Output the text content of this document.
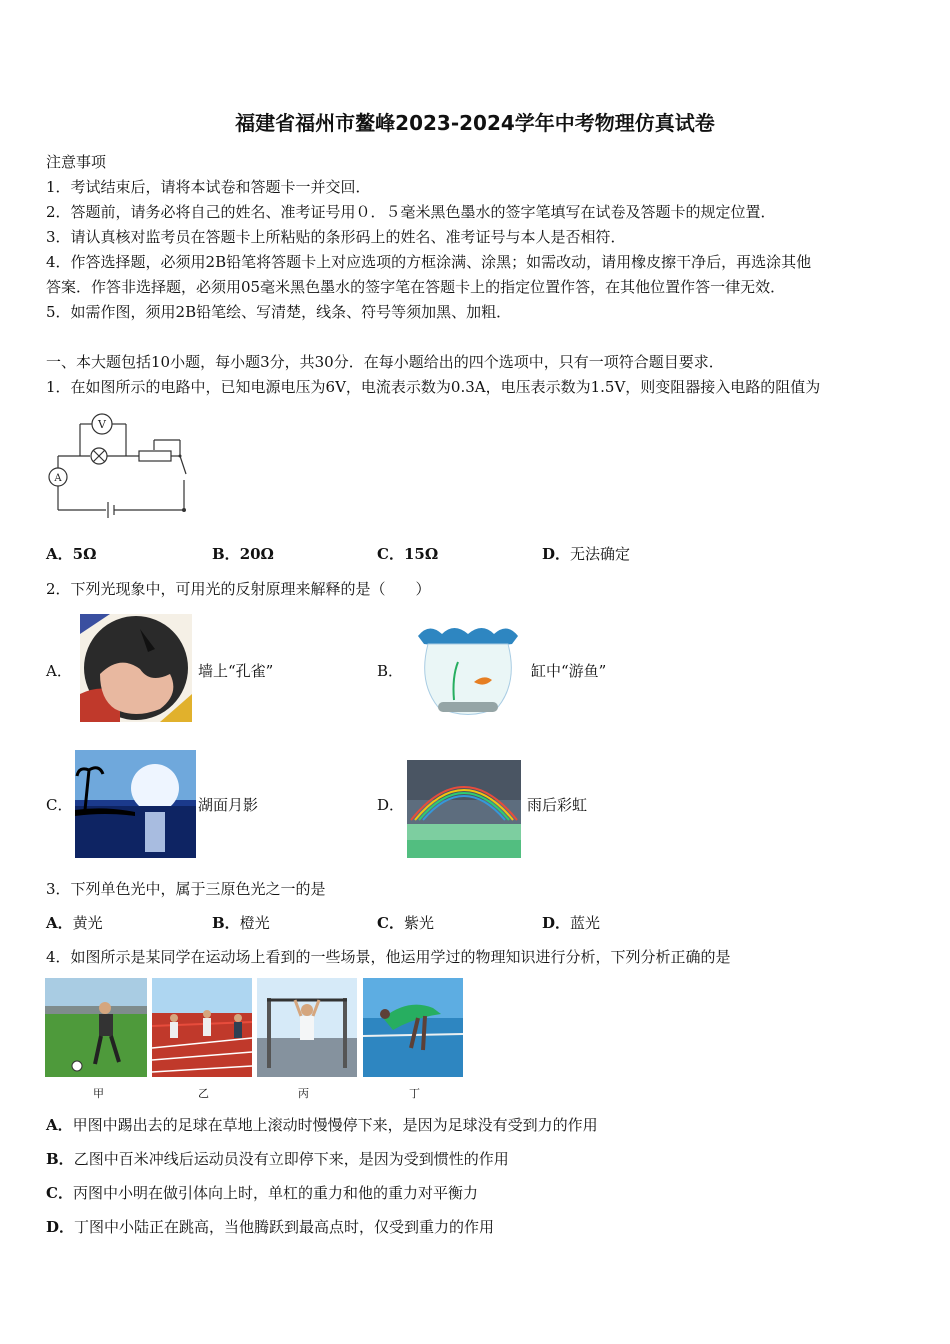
福建省福州市鳌峰2023-2024学年中考物理仿真试卷
注意事项
1．考试结束后，请将本试卷和答题卡一并交回．
2．答题前，请务必将自己的姓名、准考证号用０．５毫米黑色墨水的签字笔填写在试卷及答题卡的规定位置．
3．请认真核对监考员在答题卡上所粘贴的条形码上的姓名、准考证号与本人是否相符．
4．作答选择题，必须用2B铅笔将答题卡上对应选项的方框涂满、涂黑；如需改动，请用橡皮擦干净后，再选涂其他
答案．作答非选择题，必须用05毫米黑色墨水的签字笔在答题卡上的指定位置作答，在其他位置作答一律无效．
5．如需作图，须用2B铅笔绘、写清楚，线条、符号等须加黑、加粗．
一、本大题包括10小题，每小题3分，共30分．在每小题给出的四个选项中，只有一项符合题目要求．
1．在如图所示的电路中，已知电源电压为6V，电流表示数为0.3A，电压表示数为1.5V，则变阻器接入电路的阻值为
V
A
A．5Ω	B．20Ω	C．15Ω	D．无法确定
2．下列光现象中，可用光的反射原理来解释的是（　　）
A．	墙上“孔雀”	B．	缸中“游鱼”
C．	湖面月影	D．	雨后彩虹
3．下列单色光中，属于三原色光之一的是
A．黄光	B．橙光	C．紫光	D．蓝光
4．如图所示是某同学在运动场上看到的一些场景，他运用学过的物理知识进行分析，下列分析正确的是
甲	乙	丙	丁
A．甲图中踢出去的足球在草地上滚动时慢慢停下来，是因为足球没有受到力的作用
B．乙图中百米冲线后运动员没有立即停下来，是因为受到惯性的作用
C．丙图中小明在做引体向上时，单杠的重力和他的重力对平衡力
D．丁图中小陆正在跳高，当他腾跃到最高点时，仅受到重力的作用
